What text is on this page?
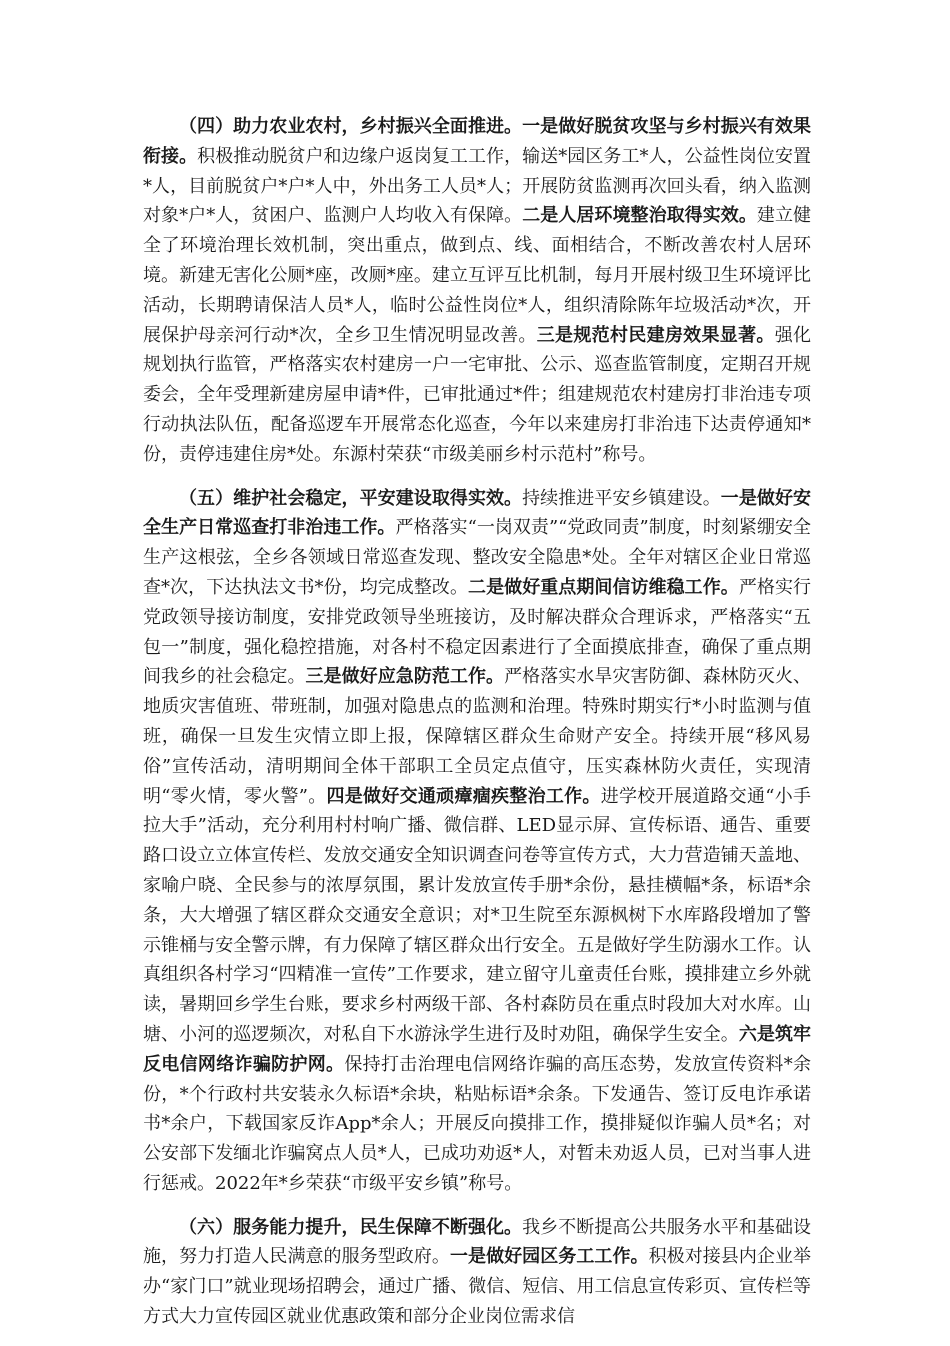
（四）助力农业农村，乡村振兴全面推进。一是做好脱贫攻坚与乡村振兴有效果衔接。积极推动脱贫户和边缘户返岗复工工作，输送*园区务工*人，公益性岗位安置*人，目前脱贫户*户*人中，外出务工人员*人；开展防贫监测再次回头看，纳入监测对象*户*人，贫困户、监测户人均收入有保障。二是人居环境整治取得实效。建立健全了环境治理长效机制，突出重点，做到点、线、面相结合，不断改善农村人居环境。新建无害化公厕*座，改厕*座。建立互评互比机制，每月开展村级卫生环境评比活动，长期聘请保洁人员*人，临时公益性岗位*人，组织清除陈年垃圾活动*次，开展保护母亲河行动*次，全乡卫生情况明显改善。三是规范村民建房效果显著。强化规划执行监管，严格落实农村建房一户一宅审批、公示、巡查监管制度，定期召开规委会，全年受理新建房屋申请*件，已审批通过*件；组建规范农村建房打非治违专项行动执法队伍，配备巡逻车开展常态化巡查，今年以来建房打非治违下达责停通知*份，责停违建住房*处。东源村荣获“市级美丽乡村示范村”称号。

（五）维护社会稳定，平安建设取得实效。持续推进平安乡镇建设。一是做好安全生产日常巡查打非治违工作。严格落实“一岗双责”“党政同责”制度，时刻紧绷安全生产这根弦，全乡各领域日常巡查发现、整改安全隐患*处。全年对辖区企业日常巡查*次，下达执法文书*份，均完成整改。二是做好重点期间信访维稳工作。严格实行党政领导接访制度，安排党政领导坐班接访，及时解决群众合理诉求，严格落实“五包一”制度，强化稳控措施，对各村不稳定因素进行了全面摸底排查，确保了重点期间我乡的社会稳定。三是做好应急防范工作。严格落实水旱灾害防御、森林防灭火、地质灾害值班、带班制，加强对隐患点的监测和治理。特殊时期实行*小时监测与值班，确保一旦发生灾情立即上报，保障辖区群众生命财产安全。持续开展“移风易俗”宣传活动，清明期间全体干部职工全员定点值守，压实森林防火责任，实现清明“零火情，零火警”。四是做好交通顽瘴痼疾整治工作。进学校开展道路交通“小手拉大手”活动，充分利用村村响广播、微信群、LED显示屏、宣传标语、通告、重要路口设立立体宣传栏、发放交通安全知识调查问卷等宣传方式，大力营造铺天盖地、家喻户晓、全民参与的浓厚氛围，累计发放宣传手册*余份，悬挂横幅*条，标语*余条，大大增强了辖区群众交通安全意识；对*卫生院至东源枫树下水库路段增加了警示锥桶与安全警示牌，有力保障了辖区群众出行安全。五是做好学生防溺水工作。认真组织各村学习“四精准一宣传”工作要求，建立留守儿童责任台账，摸排建立乡外就读，暑期回乡学生台账，要求乡村两级干部、各村森防员在重点时段加大对水库。山塘、小河的巡逻频次，对私自下水游泳学生进行及时劝阻，确保学生安全。六是筑牢反电信网络诈骗防护网。保持打击治理电信网络诈骗的高压态势，发放宣传资料*余份，*个行政村共安装永久标语*余块，粘贴标语*余条。下发通告、签订反电诈承诺书*余户，下载国家反诈App*余人；开展反向摸排工作，摸排疑似诈骗人员*名；对公安部下发缅北诈骗窝点人员*人，已成功劝返*人，对暂未劝返人员，已对当事人进行惩戒。2022年*乡荣获“市级平安乡镇”称号。

（六）服务能力提升，民生保障不断强化。我乡不断提高公共服务水平和基础设施，努力打造人民满意的服务型政府。一是做好园区务工工作。积极对接县内企业举办“家门口”就业现场招聘会，通过广播、微信、短信、用工信息宣传彩页、宣传栏等方式大力宣传园区就业优惠政策和部分企业岗位需求信
